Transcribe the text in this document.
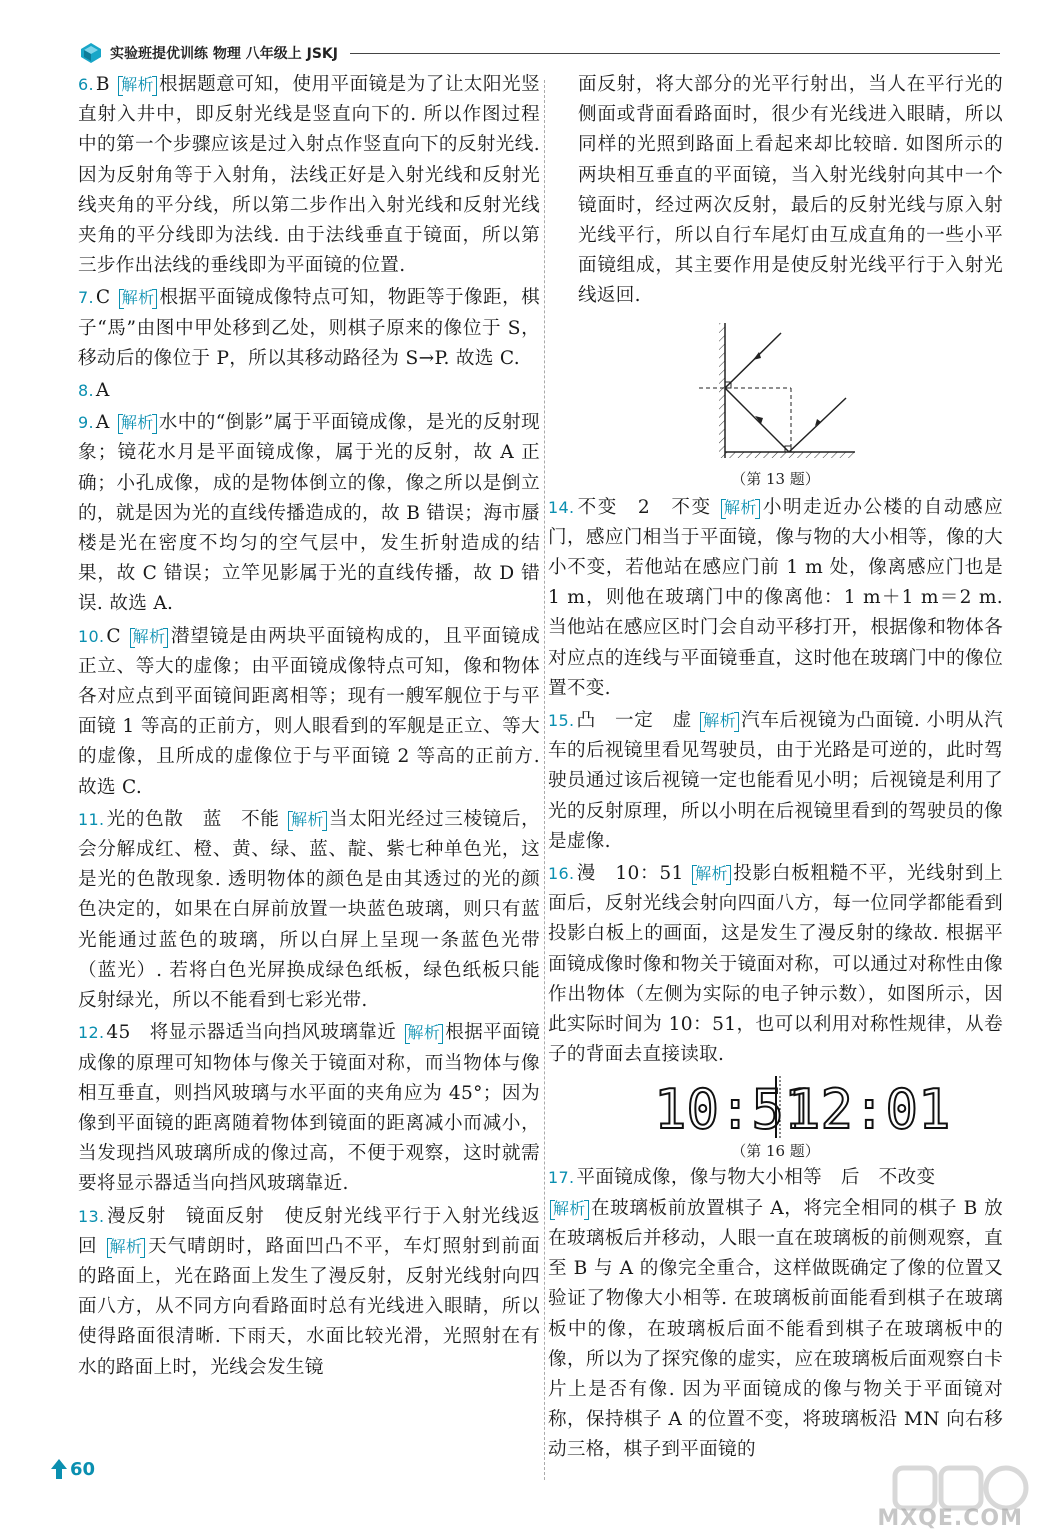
实验班提优训练 物理 八年级上 JSKJ
6. B 解析 根据题意可知，使用平面镜是为了让太阳光竖直射入井中，即反射光线是竖直向下的. 所以作图过程中的第一个步骤应该是过入射点作竖直向下的反射光线. 因为反射角等于入射角，法线正好是入射光线和反射光线夹角的平分线，所以第二步作出入射光线和反射光线夹角的平分线即为法线. 由于法线垂直于镜面，所以第三步作出法线的垂线即为平面镜的位置.
7. C 解析 根据平面镜成像特点可知，物距等于像距，棋子“馬”由图中甲处移到乙处，则棋子原来的像位于 S，移动后的像位于 P，所以其移动路径为 S→P. 故选 C.
8. A
9. A 解析 水中的“倒影”属于平面镜成像，是光的反射现象；镜花水月是平面镜成像，属于光的反射，故 A 正确；小孔成像，成的是物体倒立的像，像之所以是倒立的，就是因为光的直线传播造成的，故 B 错误；海市蜃楼是光在密度不均匀的空气层中，发生折射造成的结果，故 C 错误；立竿见影属于光的直线传播，故 D 错误. 故选 A.
10. C 解析 潜望镜是由两块平面镜构成的，且平面镜成正立、等大的虚像；由平面镜成像特点可知，像和物体各对应点到平面镜间距离相等；现有一艘军舰位于与平面镜 1 等高的正前方，则人眼看到的军舰是正立、等大的虚像，且所成的虚像位于与平面镜 2 等高的正前方. 故选 C.
11. 光的色散　蓝　不能 解析 当太阳光经过三棱镜后，会分解成红、橙、黄、绿、蓝、靛、紫七种单色光，这是光的色散现象. 透明物体的颜色是由其透过的光的颜色决定的，如果在白屏前放置一块蓝色玻璃，则只有蓝光能通过蓝色的玻璃，所以白屏上呈现一条蓝色光带（蓝光）. 若将白色光屏换成绿色纸板，绿色纸板只能反射绿光，所以不能看到七彩光带.
12. 45　将显示器适当向挡风玻璃靠近 解析 根据平面镜成像的原理可知物体与像关于镜面对称，而当物体与像相互垂直，则挡风玻璃与水平面的夹角应为 45°；因为像到平面镜的距离随着物体到镜面的距离减小而减小，当发现挡风玻璃所成的像过高，不便于观察，这时就需要将显示器适当向挡风玻璃靠近.
13. 漫反射　镜面反射　使反射光线平行于入射光线返回 解析 天气晴朗时，路面凹凸不平，车灯照射到前面的路面上，光在路面上发生了漫反射，反射光线射向四面八方，从不同方向看路面时总有光线进入眼睛，所以使得路面很清晰. 下雨天，水面比较光滑，光照射在有水的路面上时，光线会发生镜
面反射，将大部分的光平行射出，当人在平行光的侧面或背面看路面时，很少有光线进入眼睛，所以同样的光照到路面上看起来却比较暗. 如图所示的两块相互垂直的平面镜，当入射光线射向其中一个镜面时，经过两次反射，最后的反射光线与原入射光线平行，所以自行车尾灯由互成直角的一些小平面镜组成，其主要作用是使反射光线平行于入射光线返回.
（第 13 题）
14. 不变　2　不变 解析 小明走近办公楼的自动感应门，感应门相当于平面镜，像与物的大小相等，像的大小不变，若他站在感应门前 1 m 处，像离感应门也是 1 m，则他在玻璃门中的像离他：1 m＋1 m＝2 m. 当他站在感应区时门会自动平移打开，根据像和物体各对应点的连线与平面镜垂直，这时他在玻璃门中的像位置不变.
15. 凸　一定　虚 解析 汽车后视镜为凸面镜. 小明从汽车的后视镜里看见驾驶员，由于光路是可逆的，此时驾驶员通过该后视镜一定也能看见小明；后视镜是利用了光的反射原理，所以小明在后视镜里看到的驾驶员的像是虚像.
16. 漫　10：51 解析 投影白板粗糙不平，光线射到上面后，反射光线会射向四面八方，每一位同学都能看到投影白板上的画面，这是发生了漫反射的缘故. 根据平面镜成像时像和物关于镜面对称，可以通过对称性由像作出物体（左侧为实际的电子钟示数），如图所示，因此实际时间为 10：51，也可以利用对称性规律，从卷子的背面去直接读取.
10:51
12:01
（第 16 题）
17. 平面镜成像，像与物大小相等　后　不改变
解析 在玻璃板前放置棋子 A，将完全相同的棋子 B 放在玻璃板后并移动，人眼一直在玻璃板的前侧观察，直至 B 与 A 的像完全重合，这样做既确定了像的位置又验证了物像大小相等. 在玻璃板前面能看到棋子在玻璃板中的像，在玻璃板后面不能看到棋子在玻璃板中的像，所以为了探究像的虚实，应在玻璃板后面观察白卡片上是否有像. 因为平面镜成的像与物关于平面镜对称，保持棋子 A 的位置不变，将玻璃板沿 MN 向右移动三格，棋子到平面镜的
60
MXQE.COM
